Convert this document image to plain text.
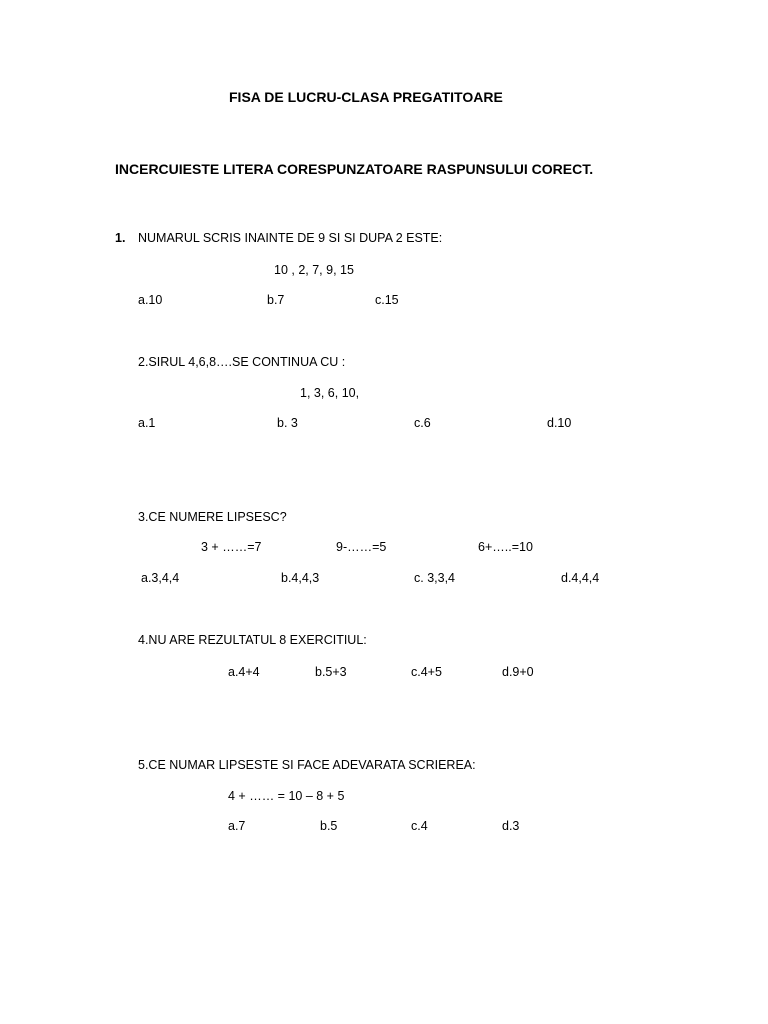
FISA DE LUCRU-CLASA PREGATITOARE
INCERCUIESTE LITERA CORESPUNZATOARE RASPUNSULUI CORECT.
1. NUMARUL SCRIS INAINTE DE 9 SI SI DUPA 2 ESTE:
10 , 2, 7, 9, 15
a.10	b.7	c.15
2.SIRUL 4,6,8….SE CONTINUA CU :
1, 3, 6, 10,
a.1	b. 3	c.6	d.10
3.CE NUMERE LIPSESC?
3 + ……=7	9-……=5	6+…..=10
a.3,4,4	b.4,4,3	c. 3,3,4	d.4,4,4
4.NU ARE REZULTATUL 8 EXERCITIUL:
a.4+4	b.5+3	c.4+5	d.9+0
5.CE NUMAR LIPSESTE SI FACE ADEVARATA SCRIEREA:
4 + …… = 10 – 8 + 5
a.7	b.5	c.4	d.3
